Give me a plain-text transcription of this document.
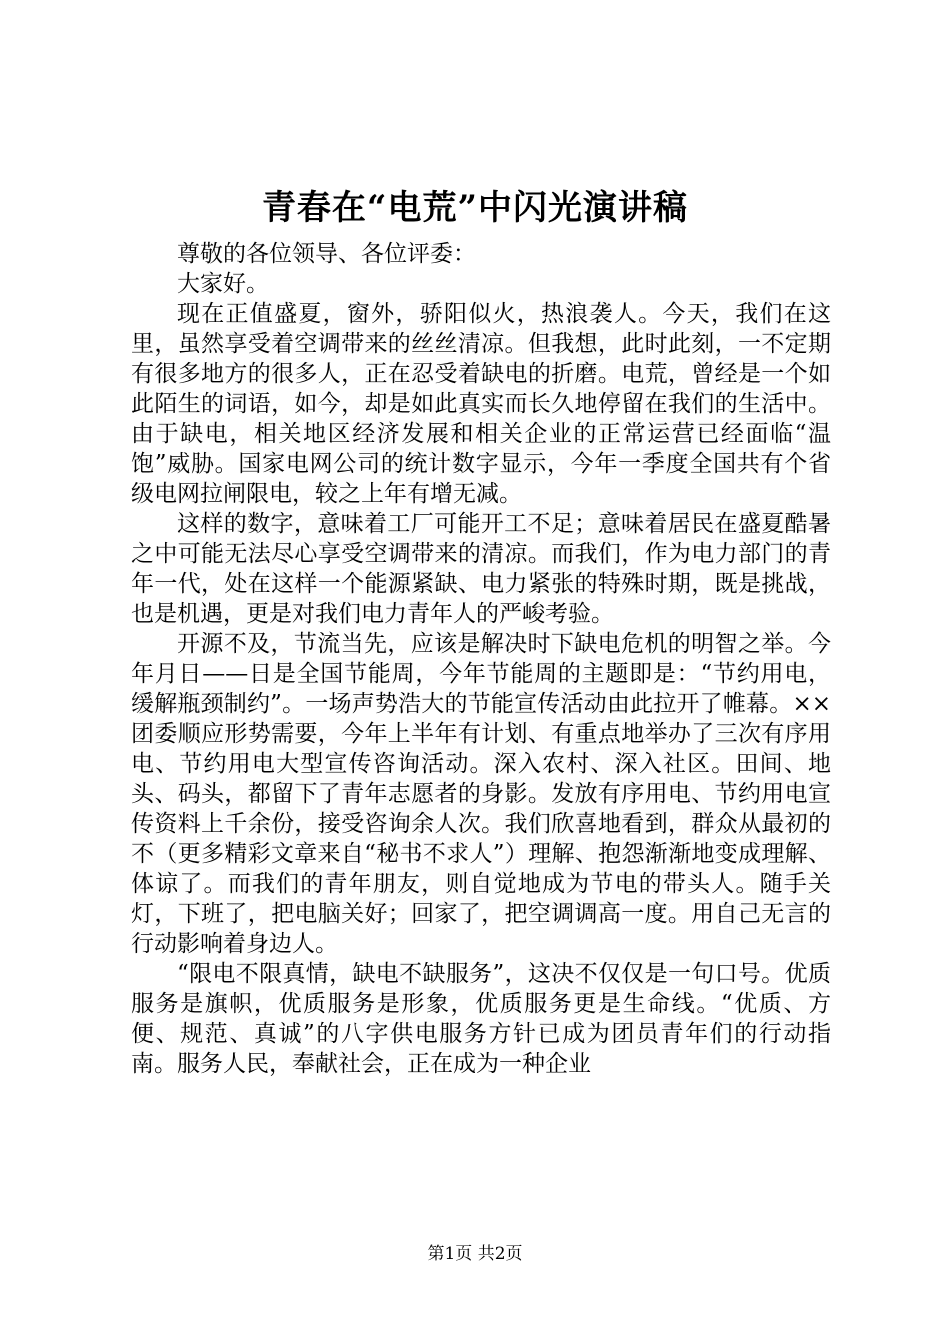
青春在“电荒”中闪光演讲稿

尊敬的各位领导、各位评委：

大家好。

现在正值盛夏，窗外，骄阳似火，热浪袭人。今天，我们在这里，虽然享受着空调带来的丝丝清凉。但我想，此时此刻，一不定期有很多地方的很多人，正在忍受着缺电的折磨。电荒，曾经是一个如此陌生的词语，如今，却是如此真实而长久地停留在我们的生活中。由于缺电，相关地区经济发展和相关企业的正常运营已经面临“温饱”威胁。国家电网公司的统计数字显示，今年一季度全国共有个省级电网拉闸限电，较之上年有增无减。

这样的数字，意味着工厂可能开工不足；意味着居民在盛夏酷暑之中可能无法尽心享受空调带来的清凉。而我们，作为电力部门的青年一代，处在这样一个能源紧缺、电力紧张的特殊时期，既是挑战，也是机遇，更是对我们电力青年人的严峻考验。

开源不及，节流当先，应该是解决时下缺电危机的明智之举。今年月日——日是全国节能周，今年节能周的主题即是：“节约用电，缓解瓶颈制约”。一场声势浩大的节能宣传活动由此拉开了帷幕。××团委顺应形势需要，今年上半年有计划、有重点地举办了三次有序用电、节约用电大型宣传咨询活动。深入农村、深入社区。田间、地头、码头，都留下了青年志愿者的身影。发放有序用电、节约用电宣传资料上千余份，接受咨询余人次。我们欣喜地看到，群众从最初的不（更多精彩文章来自“秘书不求人”）理解、抱怨渐渐地变成理解、体谅了。而我们的青年朋友，则自觉地成为节电的带头人。随手关灯，下班了，把电脑关好；回家了，把空调调高一度。用自己无言的行动影响着身边人。

“限电不限真情，缺电不缺服务”，这决不仅仅是一句口号。优质服务是旗帜，优质服务是形象，优质服务更是生命线。“优质、方便、规范、真诚”的八字供电服务方针已成为团员青年们的行动指南。服务人民，奉献社会，正在成为一种企业

第1页 共2页
